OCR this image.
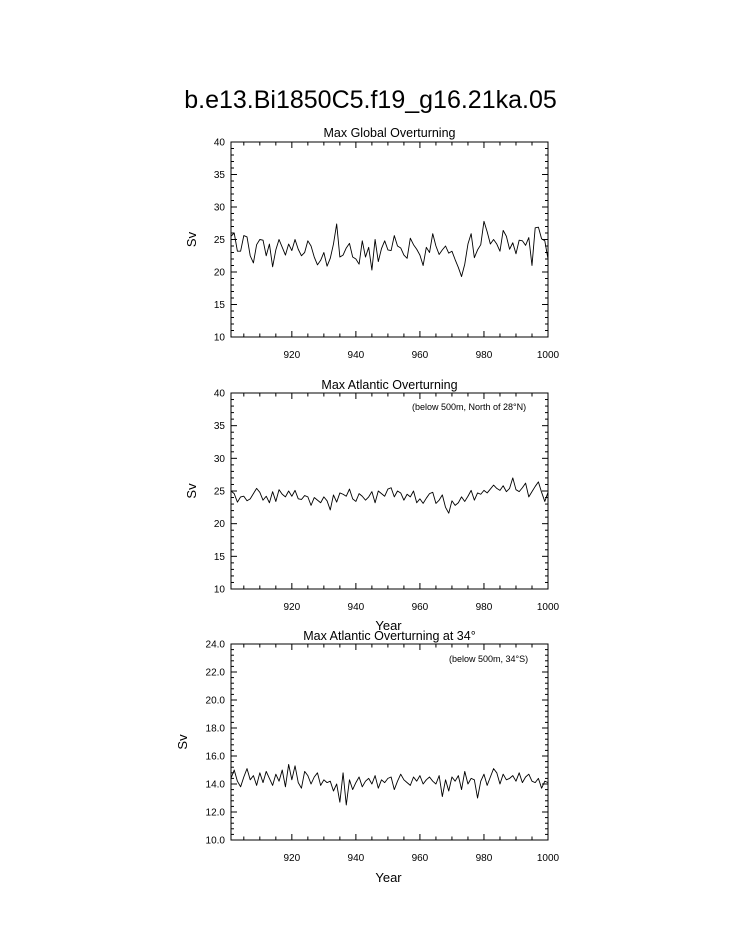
b.e13.Bi1850C5.f19_g16.21ka.05
920	940	960	980	1000
10
15
20
25
30
35
40
Max Global Overturning
Sv
920	940	960	980	1000
10
15
20
25
30
35
40
Max Atlantic Overturning
Sv
Year
(below 500m, North of 28°N)
920	940	960	980	1000
10.0
12.0
14.0
16.0
18.0
20.0
22.0
24.0
Max Atlantic Overturning at 34°
Sv
Year
(below 500m, 34°S)
